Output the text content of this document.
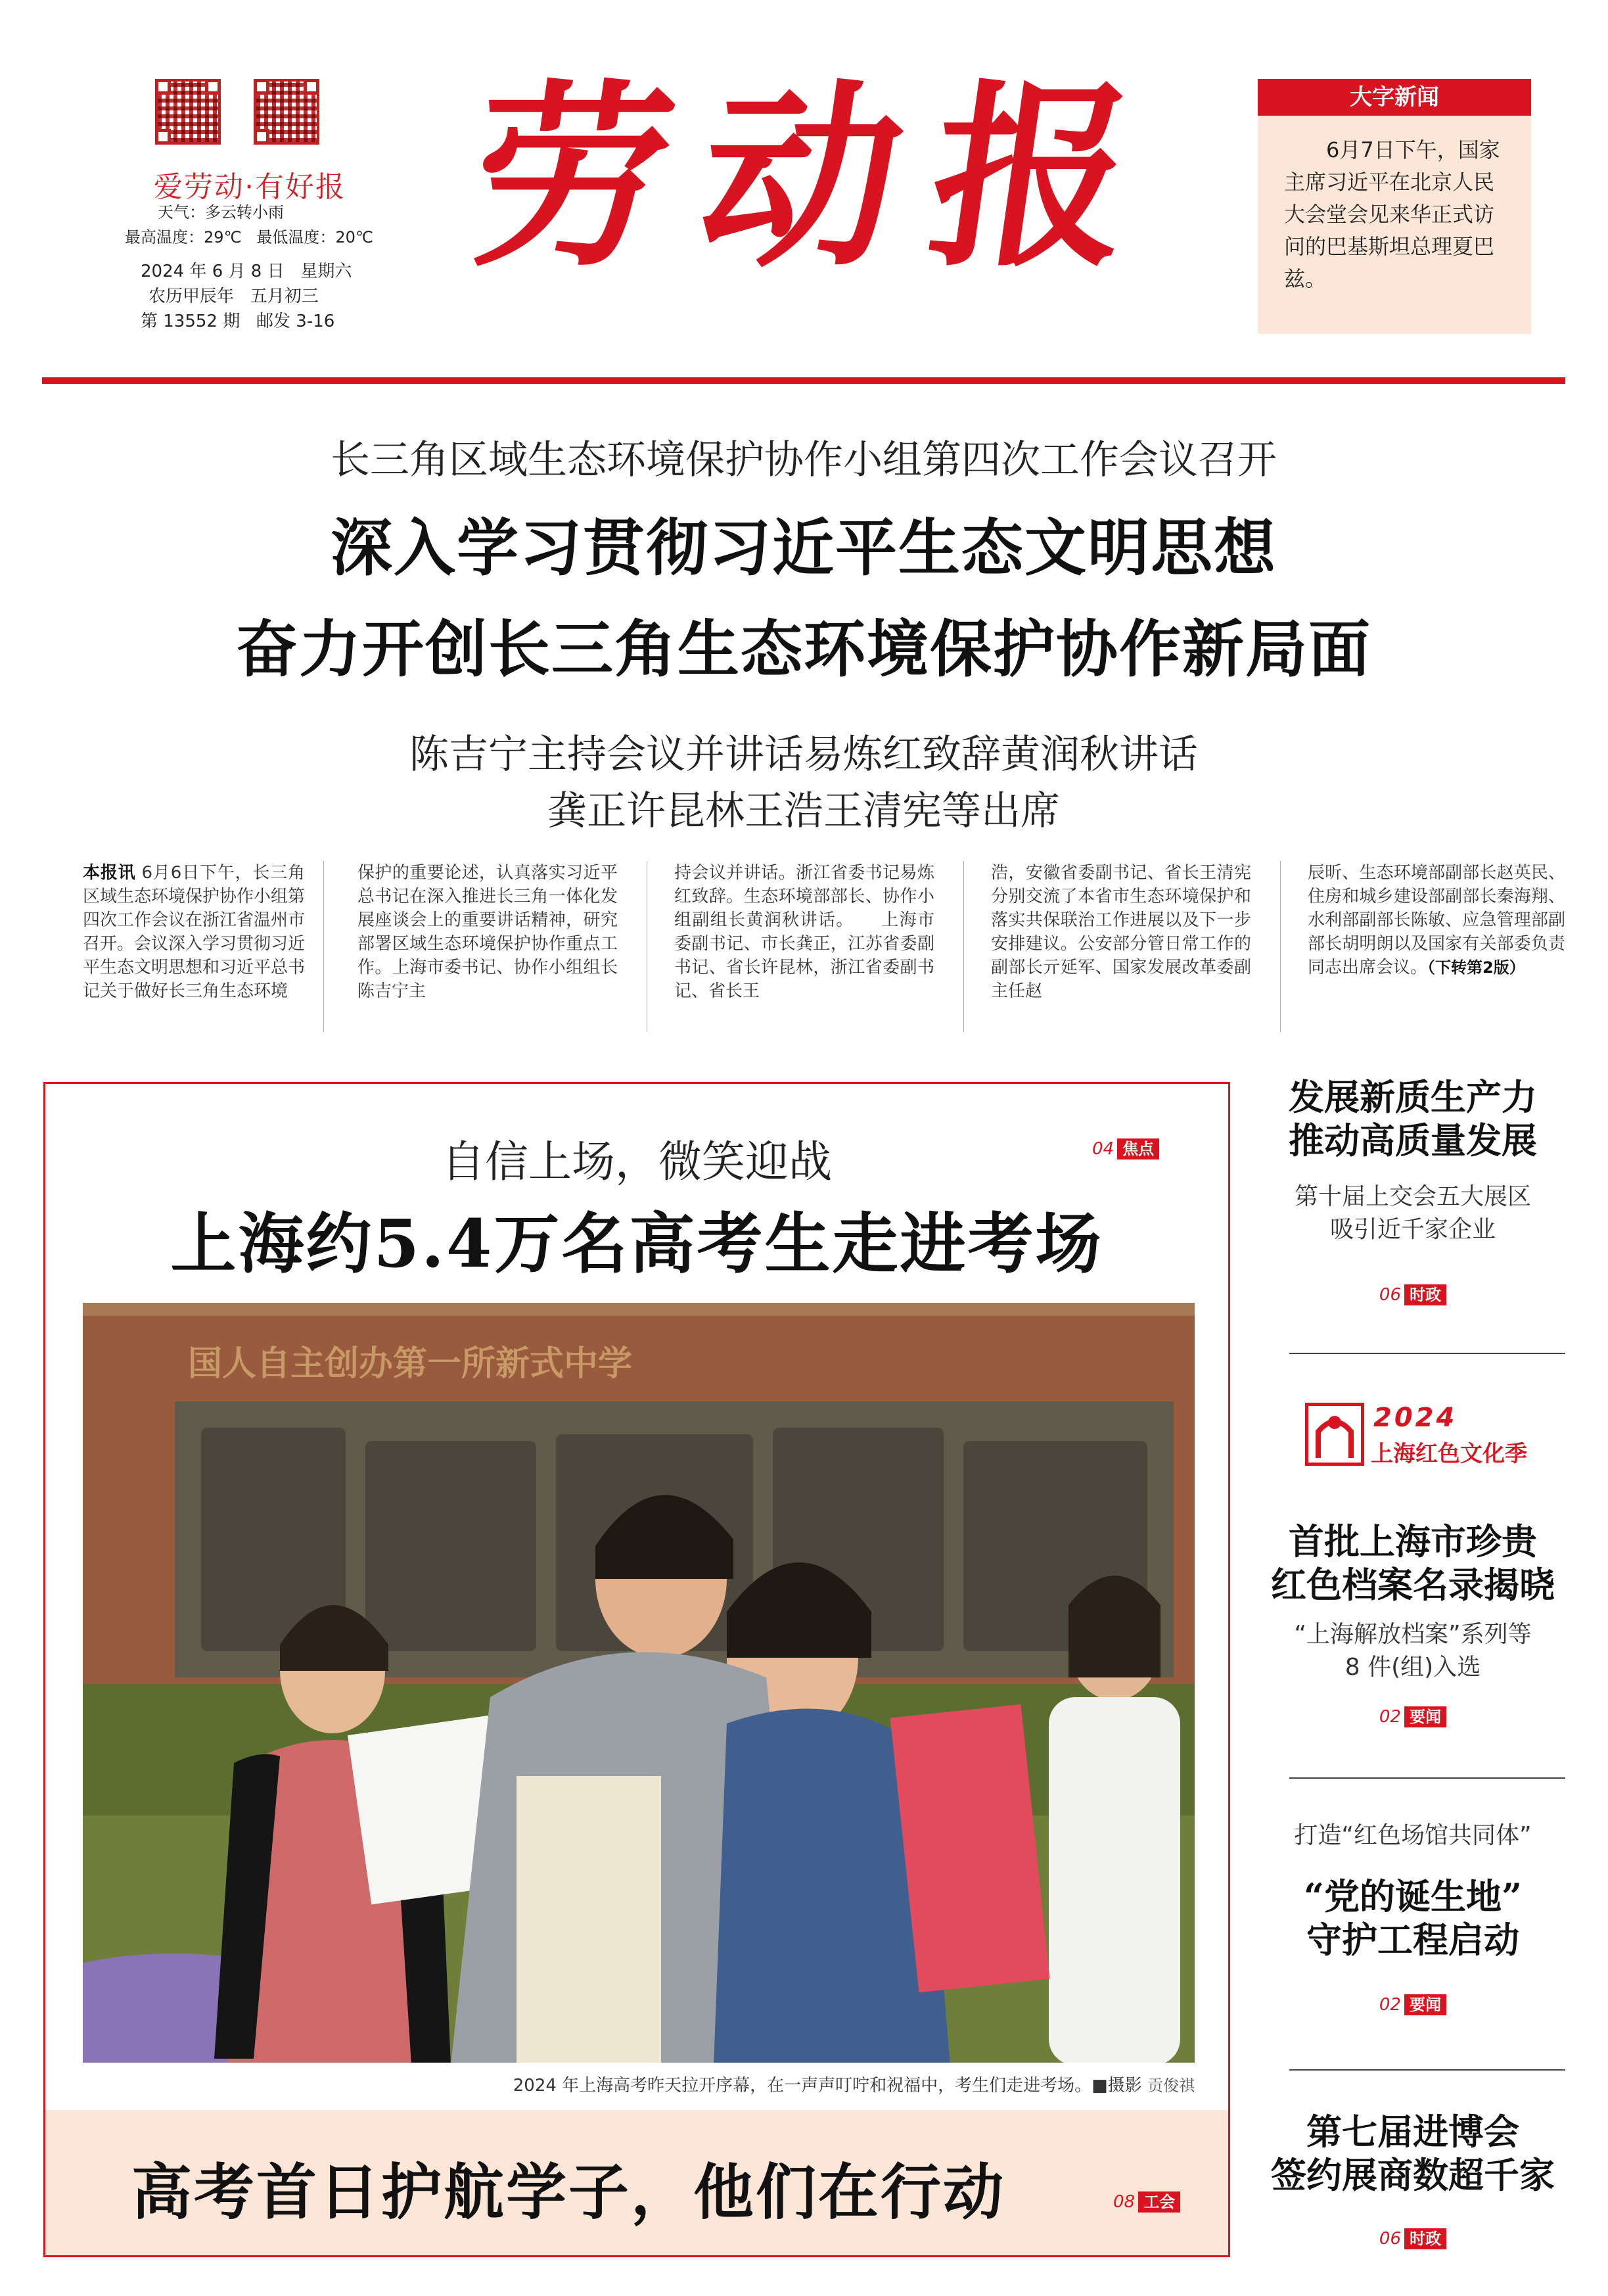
爱劳动·有好报
天气：多云转小雨
最高温度：29℃   最低温度：20℃
2024 年 6 月 8 日   星期六
农历甲辰年   五月初三
第 13552 期   邮发 3-16
劳动报	大字新闻
6月7日下午，国家主席习近平在北京人民大会堂会见来华正式访问的巴基斯坦总理夏巴兹。
长三角区域生态环境保护协作小组第四次工作会议召开
深入学习贯彻习近平生态文明思想
奋力开创长三角生态环境保护协作新局面
陈吉宁主持会议并讲话易炼红致辞黄润秋讲话
龚正许昆林王浩王清宪等出席
本报讯 6月6日下午，长三角区域生态环境保护协作小组第四次工作会议在浙江省温州市召开。会议深入学习贯彻习近平生态文明思想和习近平总书记关于做好长三角生态环境
保护的重要论述，认真落实习近平总书记在深入推进长三角一体化发展座谈会上的重要讲话精神，研究部署区域生态环境保护协作重点工作。上海市委书记、协作小组组长陈吉宁主
持会议并讲话。浙江省委书记易炼红致辞。生态环境部部长、协作小组副组长黄润秋讲话。　　上海市委副书记、市长龚正，江苏省委副书记、省长许昆林，浙江省委副书记、省长王
浩，安徽省委副书记、省长王清宪分别交流了本省市生态环境保护和落实共保联治工作进展以及下一步安排建议。公安部分管日常工作的副部长亓延军、国家发展改革委副主任赵
辰昕、生态环境部副部长赵英民、住房和城乡建设部副部长秦海翔、水利部副部长陈敏、应急管理部副部长胡明朗以及国家有关部委负责同志出席会议。（下转第2版）
自信上场，微笑迎战	04 焦点
上海约5.4万名高考生走进考场
国人自主创办第一所新式中学
2024 年上海高考昨天拉开序幕，在一声声叮咛和祝福中，考生们走进考场。■摄影 贡俊祺
高考首日护航学子，他们在行动	08 工会
发展新质生产力
推动高质量发展
第十届上交会五大展区
吸引近千家企业
06 时政
2024
上海红色文化季
首批上海市珍贵
红色档案名录揭晓
“上海解放档案”系列等
8 件(组)入选
02 要闻
打造“红色场馆共同体”
“党的诞生地”
守护工程启动
02 要闻
第七届进博会
签约展商数超千家
06 时政
